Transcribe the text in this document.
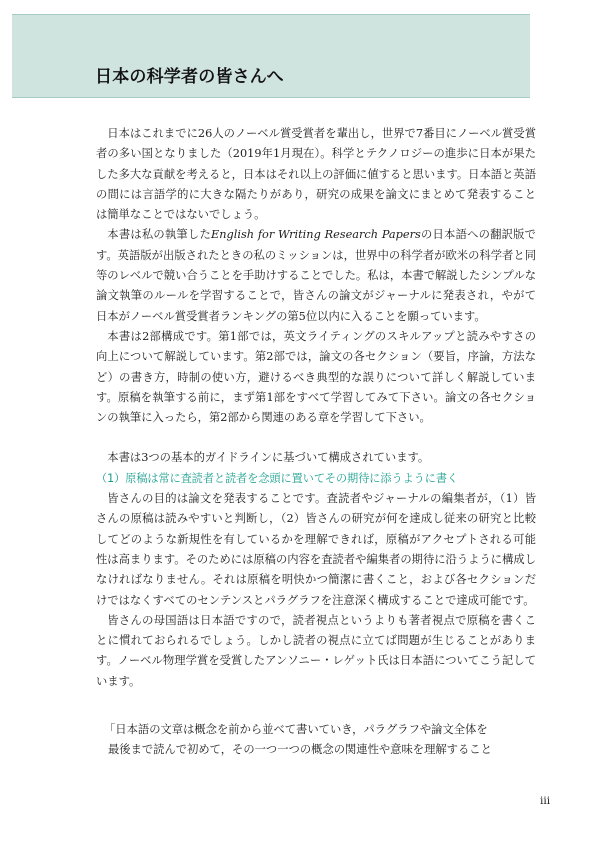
日本の科学者の皆さんへ

日本はこれまでに26人のノーベル賞受賞者を輩出し，世界で7番目にノーベル賞受賞者の多い国となりました（2019年1月現在）。科学とテクノロジーの進歩に日本が果たした多大な貢献を考えると，日本はそれ以上の評価に値すると思います。日本語と英語の間には言語学的に大きな隔たりがあり，研究の成果を論文にまとめて発表することは簡単なことではないでしょう。

本書は私の執筆したEnglish for Writing Research Papersの日本語への翻訳版です。英語版が出版されたときの私のミッションは，世界中の科学者が欧米の科学者と同等のレベルで競い合うことを手助けすることでした。私は，本書で解説したシンプルな論文執筆のルールを学習することで，皆さんの論文がジャーナルに発表され，やがて日本がノーベル賞受賞者ランキングの第5位以内に入ることを願っています。

本書は2部構成です。第1部では，英文ライティングのスキルアップと読みやすさの向上について解説しています。第2部では，論文の各セクション（要旨，序論，方法など）の書き方，時制の使い方，避けるべき典型的な誤りについて詳しく解説しています。原稿を執筆する前に，まず第1部をすべて学習してみて下さい。論文の各セクションの執筆に入ったら，第2部から関連のある章を学習して下さい。

本書は3つの基本的ガイドラインに基づいて構成されています。

（1）原稿は常に査読者と読者を念頭に置いてその期待に添うように書く

皆さんの目的は論文を発表することです。査読者やジャーナルの編集者が，（1）皆さんの原稿は読みやすいと判断し，（2）皆さんの研究が何を達成し従来の研究と比較してどのような新規性を有しているかを理解できれば，原稿がアクセプトされる可能性は高まります。そのためには原稿の内容を査読者や編集者の期待に沿うように構成しなければなりません。それは原稿を明快かつ簡潔に書くこと，および各セクションだけではなくすべてのセンテンスとパラグラフを注意深く構成することで達成可能です。

皆さんの母国語は日本語ですので，読者視点というよりも著者視点で原稿を書くことに慣れておられるでしょう。しかし読者の視点に立てば問題が生じることがあります。ノーベル物理学賞を受賞したアンソニー・レゲット氏は日本語についてこう記しています。

「日本語の文章は概念を前から並べて書いていき，パラグラフや論文全体を

最後まで読んで初めて，その一つ一つの概念の関連性や意味を理解すること

iii
